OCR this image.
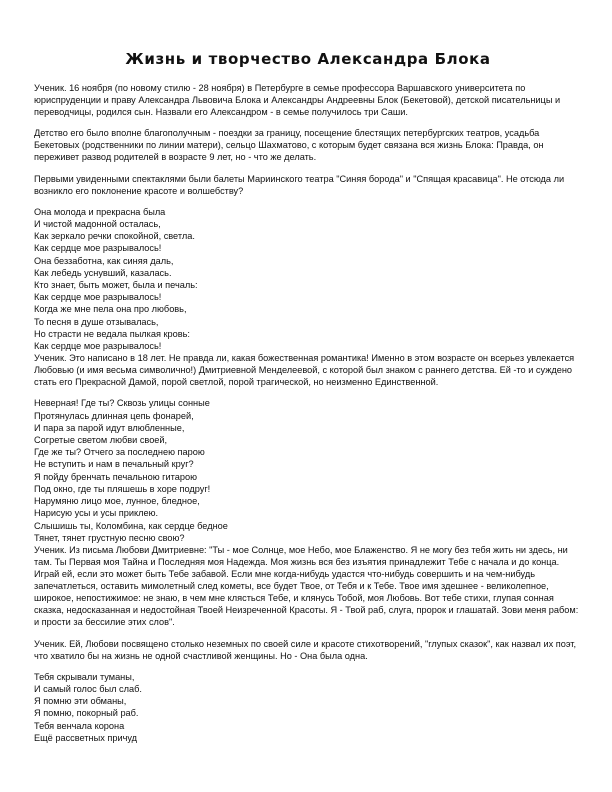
Жизнь и творчество Александра Блока

Ученик. 16 ноября (по новому стилю - 28 ноября) в Петербурге в семье профессора Варшавского университета по юриспруденции и праву Александра Львовича Блока и Александры Андреевны Блок (Бекетовой), детской писательницы и переводчицы, родился сын. Назвали его Александром - в семье получилось три Саши.

Детство его было вполне благополучным - поездки за границу, посещение блестящих петербургских театров, усадьба Бекетовых (родственники по линии матери), сельцо Шахматово, с которым будет связана вся жизнь Блока: Правда, он переживет развод родителей в возрасте 9 лет, но - что же делать.

Первыми увиденными спектаклями были балеты Мариинского театра "Синяя борода" и "Спящая красавица". Не отсюда ли возникло его поклонение красоте и волшебству?

Она молода и прекрасна была
И чистой мадонной осталась,
Как зеркало речки спокойной, светла.
Как сердце мое разрывалось!
Она беззаботна, как синяя даль,
Как лебедь уснувший, казалась.
Кто знает, быть может, была и печаль:
Как сердце мое разрывалось!
Когда же мне пела она про любовь,
То песня в душе отзывалась,
Но страсти не ведала пылкая кровь:
Как сердце мое разрывалось!

Ученик. Это написано в 18 лет. Не правда ли, какая божественная романтика! Именно в этом возрасте он всерьез увлекается Любовью (и имя весьма символично!) Дмитриевной Менделеевой, с которой был знаком с раннего детства. Ей -то и суждено стать его Прекрасной Дамой, порой светлой, порой трагической, но неизменно Единственной.

Неверная! Где ты? Сквозь улицы сонные
Протянулась длинная цепь фонарей,
И пара за парой идут влюбленные,
Согретые светом любви своей,
Где же ты? Отчего за последнею парою
Не вступить и нам в печальный круг?
Я пойду бренчать печальною гитарою
Под окно, где ты пляшешь в хоре подруг!
Нарумяню лицо мое, лунное, бледное,
Нарисую усы и усы приклею.
Слышишь ты, Коломбина, как сердце бедное
Тянет, тянет грустную песню свою?

Ученик. Из письма Любови Дмитриевне: "Ты - мое Солнце, мое Небо, мое Блаженство. Я не могу без тебя жить ни здесь, ни там. Ты Первая моя Тайна и Последняя моя Надежда. Моя жизнь вся без изъятия принадлежит Тебе с начала и до конца. Играй ей, если это может быть Тебе забавой. Если мне когда-нибудь удастся что-нибудь совершить и на чем-нибудь запечатлеться, оставить мимолетный след кометы, все будет Твое, от Тебя и к Тебе. Твое имя здешнее - великолепное, широкое, непостижимое: не знаю, в чем мне клясться Тебе, и клянусь Тобой, моя Любовь. Вот тебе стихи, глупая сонная сказка, недосказанная и недостойная Твоей Неизреченной Красоты. Я - Твой раб, слуга, пророк и глашатай. Зови меня рабом: и прости за бессилие этих слов".

Ученик. Ей, Любови посвящено столько неземных по своей силе и красоте стихотворений, "глупых сказок", как назвал их поэт, что хватило бы на жизнь не одной счастливой женщины. Но - Она была одна.

Тебя скрывали туманы,
И самый голос был слаб.
Я помню эти обманы,
Я помню, покорный раб.
Тебя венчала корона
Ещё рассветных причуд
